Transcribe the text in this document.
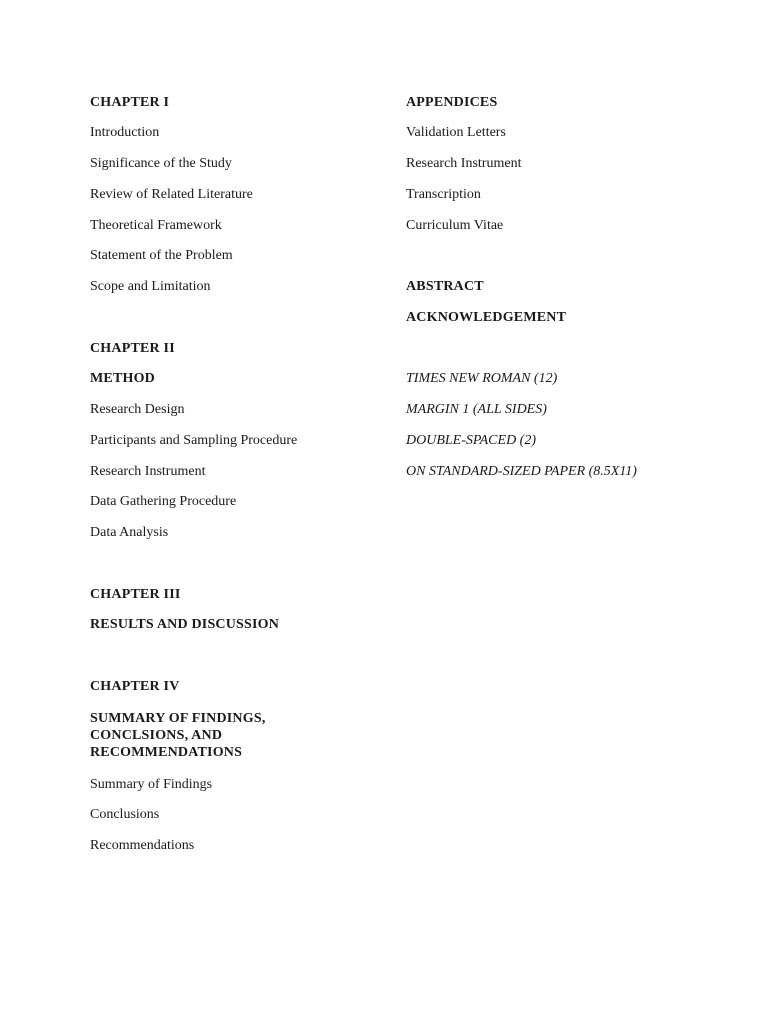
CHAPTER I
Introduction
Significance of the Study
Review of Related Literature
Theoretical Framework
Statement of the Problem
Scope and Limitation
CHAPTER II
METHOD
Research Design
Participants and Sampling Procedure
Research Instrument
Data Gathering Procedure
Data Analysis
CHAPTER III
RESULTS AND DISCUSSION
CHAPTER IV
SUMMARY OF FINDINGS, CONCLSIONS, AND RECOMMENDATIONS
Summary of Findings
Conclusions
Recommendations
APPENDICES
Validation Letters
Research Instrument
Transcription
Curriculum Vitae
ABSTRACT
ACKNOWLEDGEMENT
TIMES NEW ROMAN (12)
MARGIN 1 (ALL SIDES)
DOUBLE-SPACED (2)
ON STANDARD-SIZED PAPER (8.5X11)
